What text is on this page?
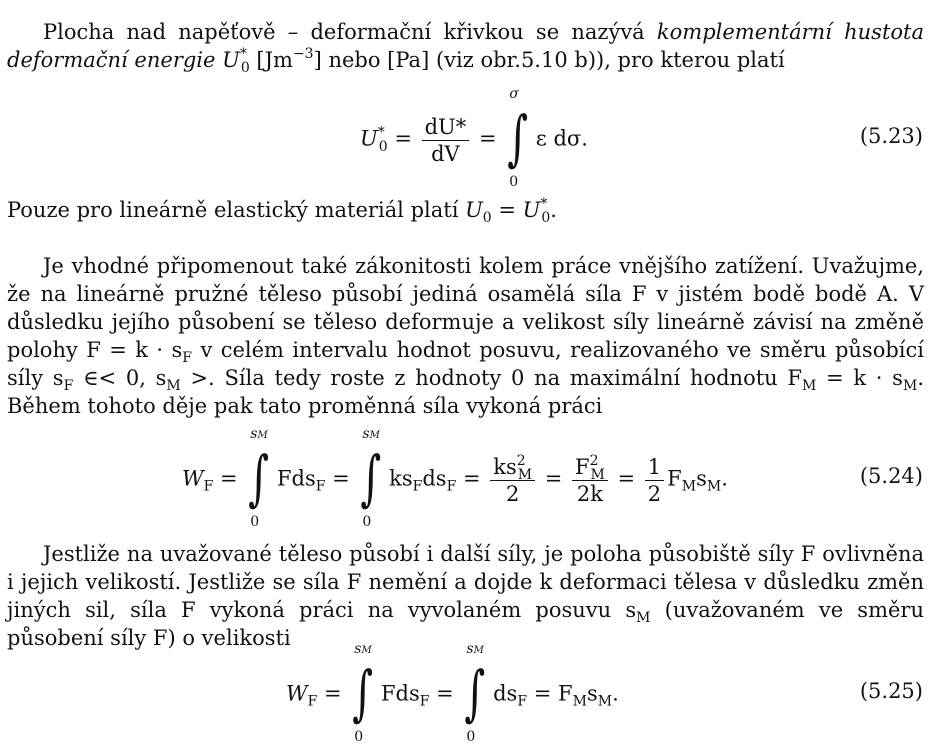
Plocha nad napěťově – deformační křivkou se nazývá komplementární hustota deformační energie $U^*_0$ $[Jm^{-3}]$ nebo [Pa] (viz obr.5.10 b)), pro kterou platí

$U^*_0 = \frac{dU*}{dV}$ = ∫
σ
0
ε dσ.	(5.23)

Pouze pro lineárně elastický materiál platí $U_0 = U^*_0$.

Je vhodné připomenout také zákonitosti kolem práce vnějšího zatížení. Uvažujme, že na lineárně pružné těleso působí jediná osamělá síla F v jistém bodě bodě A. V důsledku jejího působení se těleso deformuje a velikost síly lineárně závisí na změně polohy $F = k \cdot s_F$ v celém intervalu hodnot posuvu, realizovaného ve směru působící síly $s_F$ ∈< 0, $s_M$ >. Síla tedy roste z hodnoty 0 na maximální hodnotu $F_M = k \cdot s_M$. Během tohoto děje pak tato proměnná síla vykoná práci

$W_F$ = ∫
sM
0
Fds$_F$ = ∫
sM
0
$ks_Fds_F = \frac{ks^2_M}{2} = \frac{F^2_M}{2k} = \frac{1}{2} F_Ms_M$.	(5.24)

Jestliže na uvažované těleso působí i další síly, je poloha působiště síly F ovlivněna i jejich velikostí. Jestliže se síla F nemění a dojde k deformaci tělesa v důsledku změn jiných sil, síla F vykoná práci na vyvolaném posuvu $s_M$ (uvažovaném ve směru působení síly F) o velikosti

$W_F$ = ∫
sM
0
Fds$_F$ = ∫
sM
0
$ds_F = F_Ms_M$.	(5.25)
